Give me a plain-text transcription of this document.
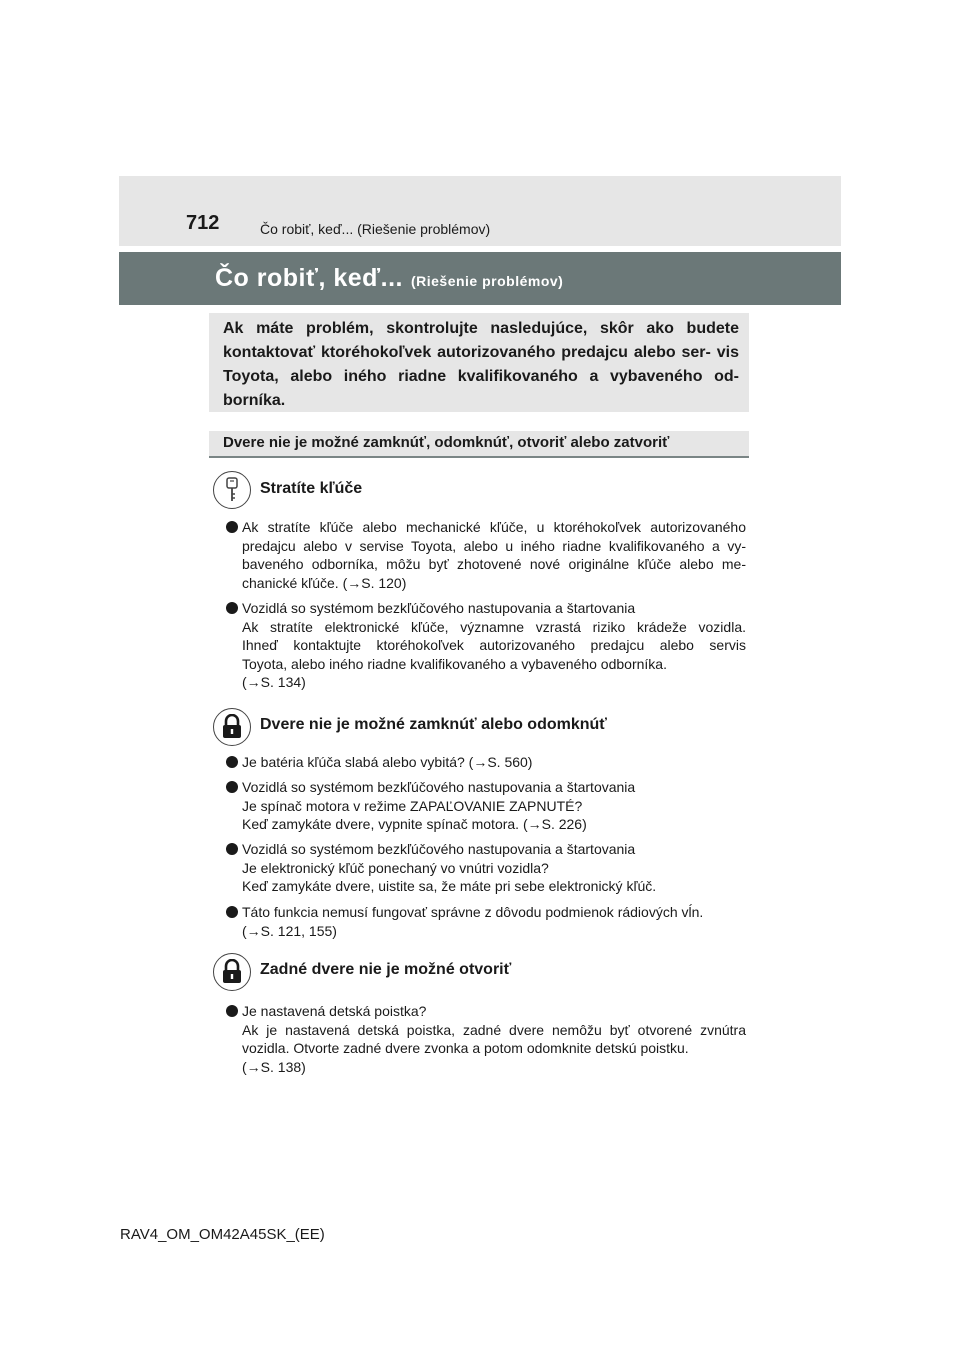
712	Čo robiť, keď... (Riešenie problémov)
Čo robiť, keď... (Riešenie problémov)

Ak máte problém, skontrolujte nasledujúce, skôr ako budete kontaktovať ktoréhokoľvek autorizovaného predajcu alebo ser- vis Toyota, alebo iného riadne kvalifikovaného a vybaveného od- borníka.

Dvere nie je možné zamknúť, odomknúť, otvoriť alebo zatvoriť
Stratíte kľúče
Ak stratíte kľúče alebo mechanické kľúče, u ktoréhokoľvek autorizovaného
predajcu alebo v servise Toyota, alebo u iného riadne kvalifikovaného a vy-
baveného odborníka, môžu byť zhotovené nové originálne kľúče alebo me-
chanické kľúče. (→S. 120)
Vozidlá so systémom bezkľúčového nastupovania a štartovania
Ak stratíte elektronické kľúče, významne vzrastá riziko krádeže vozidla.
Ihneď kontaktujte ktoréhokoľvek autorizovaného predajcu alebo servis
Toyota, alebo iného riadne kvalifikovaného a vybaveného odborníka.
(→S. 134)
Dvere nie je možné zamknúť alebo odomknúť
Je batéria kľúča slabá alebo vybitá? (→S. 560)
Vozidlá so systémom bezkľúčového nastupovania a štartovania
Je spínač motora v režime ZAPAĽOVANIE ZAPNUTÉ?
Keď zamykáte dvere, vypnite spínač motora. (→S. 226)
Vozidlá so systémom bezkľúčového nastupovania a štartovania
Je elektronický kľúč ponechaný vo vnútri vozidla?
Keď zamykáte dvere, uistite sa, že máte pri sebe elektronický kľúč.
Táto funkcia nemusí fungovať správne z dôvodu podmienok rádiových vĺn.
(→S. 121, 155)
Zadné dvere nie je možné otvoriť
Je nastavená detská poistka?
Ak je nastavená detská poistka, zadné dvere nemôžu byť otvorené zvnútra
vozidla. Otvorte zadné dvere zvonka a potom odomknite detskú poistku.
(→S. 138)
RAV4_OM_OM42A45SK_(EE)
